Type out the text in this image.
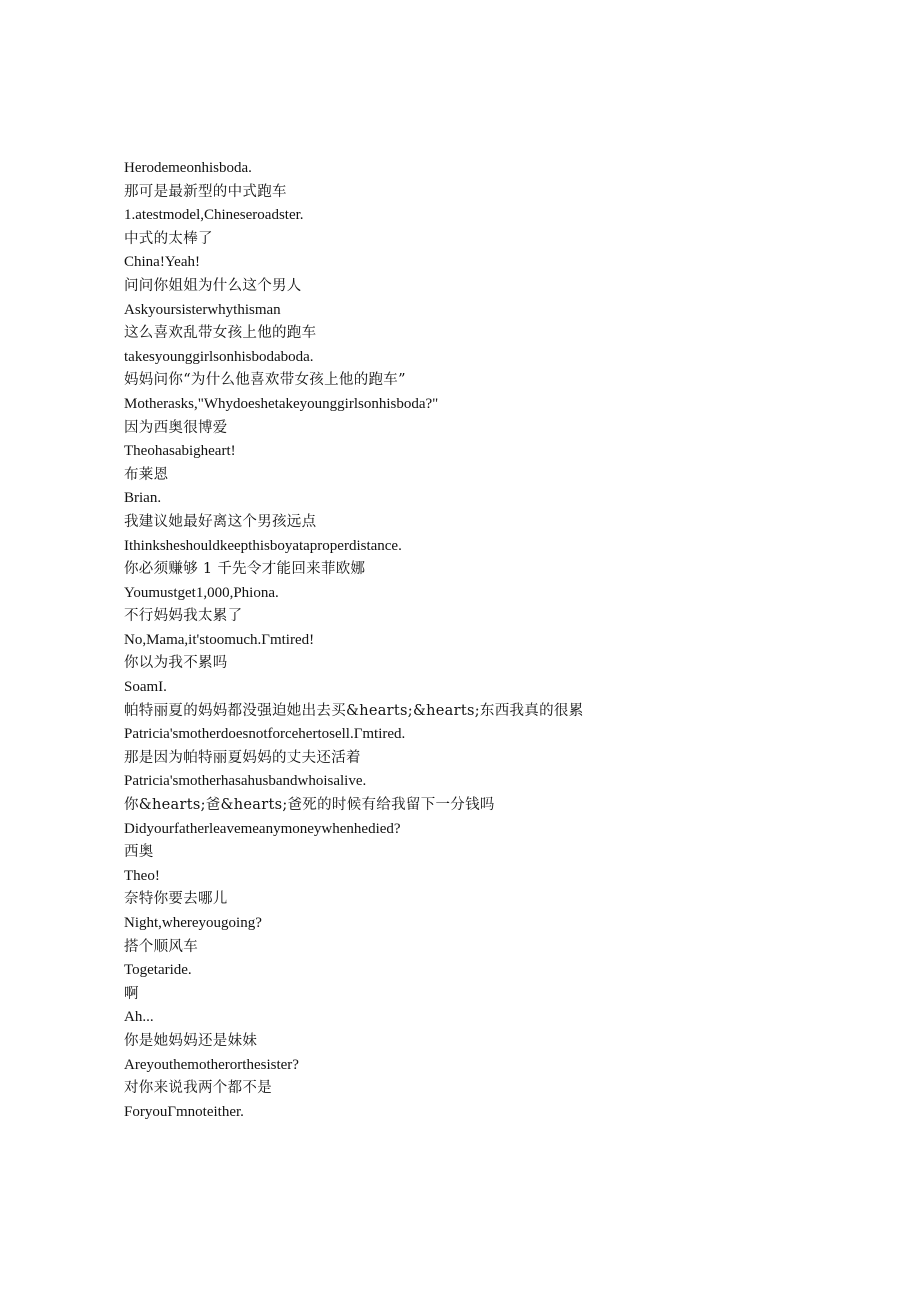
Herodemeonhisboda.
那可是最新型的中式跑车
1.atestmodel,Chineseroadster.
中式的太棒了
China!Yeah!
问问你姐姐为什么这个男人
Askyoursisterwhythisman
这么喜欢乱带女孩上他的跑车
takesyounggirlsonhisbodaboda.
妈妈问你“为什么他喜欢带女孩上他的跑车”
Motherasks,"Whydoeshetakeyounggirlsonhisboda?"
因为西奥很博爱
Theohasabigheart!
布莱恩
Brian.
我建议她最好离这个男孩远点
Ithinksheshouldkeepthisboyataproperdistance.
你必须赚够 1 千先令才能回来菲欧娜
Youmustget1,000,Phiona.
不行妈妈我太累了
No,Mama,it'stoomuch.Γmtired!
你以为我不累吗
SoamI.
帕特丽夏的妈妈都没强迫她出去买&hearts;&hearts;东西我真的很累
Patricia'smotherdoesnotforcehertosell.Γmtired.
那是因为帕特丽夏妈妈的丈夫还活着
Patricia'smotherhasahusbandwhoisalive.
你&hearts;爸&hearts;爸死的时候有给我留下一分钱吗
Didyourfatherleavemeanymoneywhenhedied?
西奥
Theo!
奈特你要去哪儿
Night,whereyougoing?
搭个顺风车
Togetaride.
啊
Ah...
你是她妈妈还是妹妹
Areyouthemotherorthesister?
对你来说我两个都不是
ForyouΓmnoteither.
